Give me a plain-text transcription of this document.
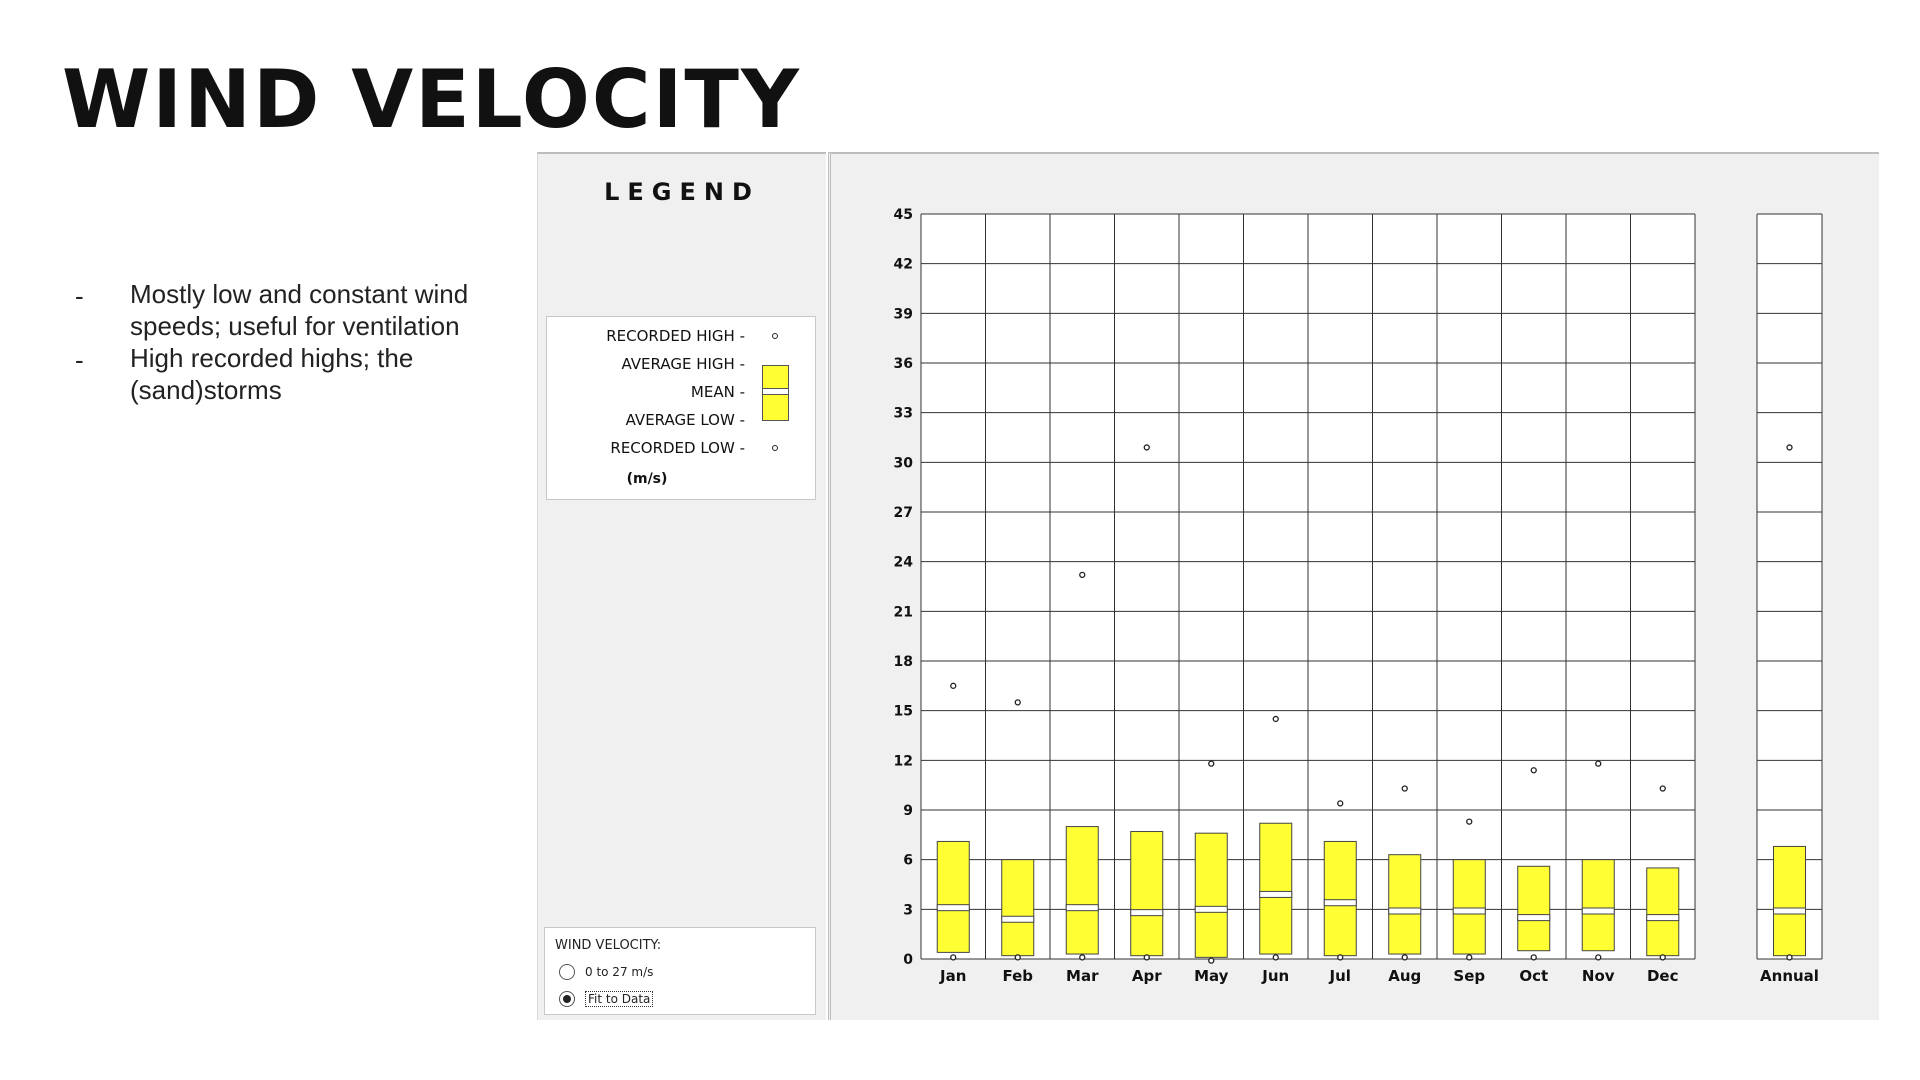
WIND VELOCITY
- Mostly low and constant wind speeds; useful for ventilation
- High recorded highs; the (sand)storms
LEGEND
RECORDED HIGH -
AVERAGE HIGH -
MEAN -
AVERAGE LOW -
RECORDED LOW -
(m/s)
WIND VELOCITY:
0 to 27 m/s
Fit to Data
0
3
6
9
12
15
18
21
24
27
30
33
36
39
42
45
Jan Feb Mar Apr May Jun	Jul Aug Sep Oct Nov Dec	Annual
